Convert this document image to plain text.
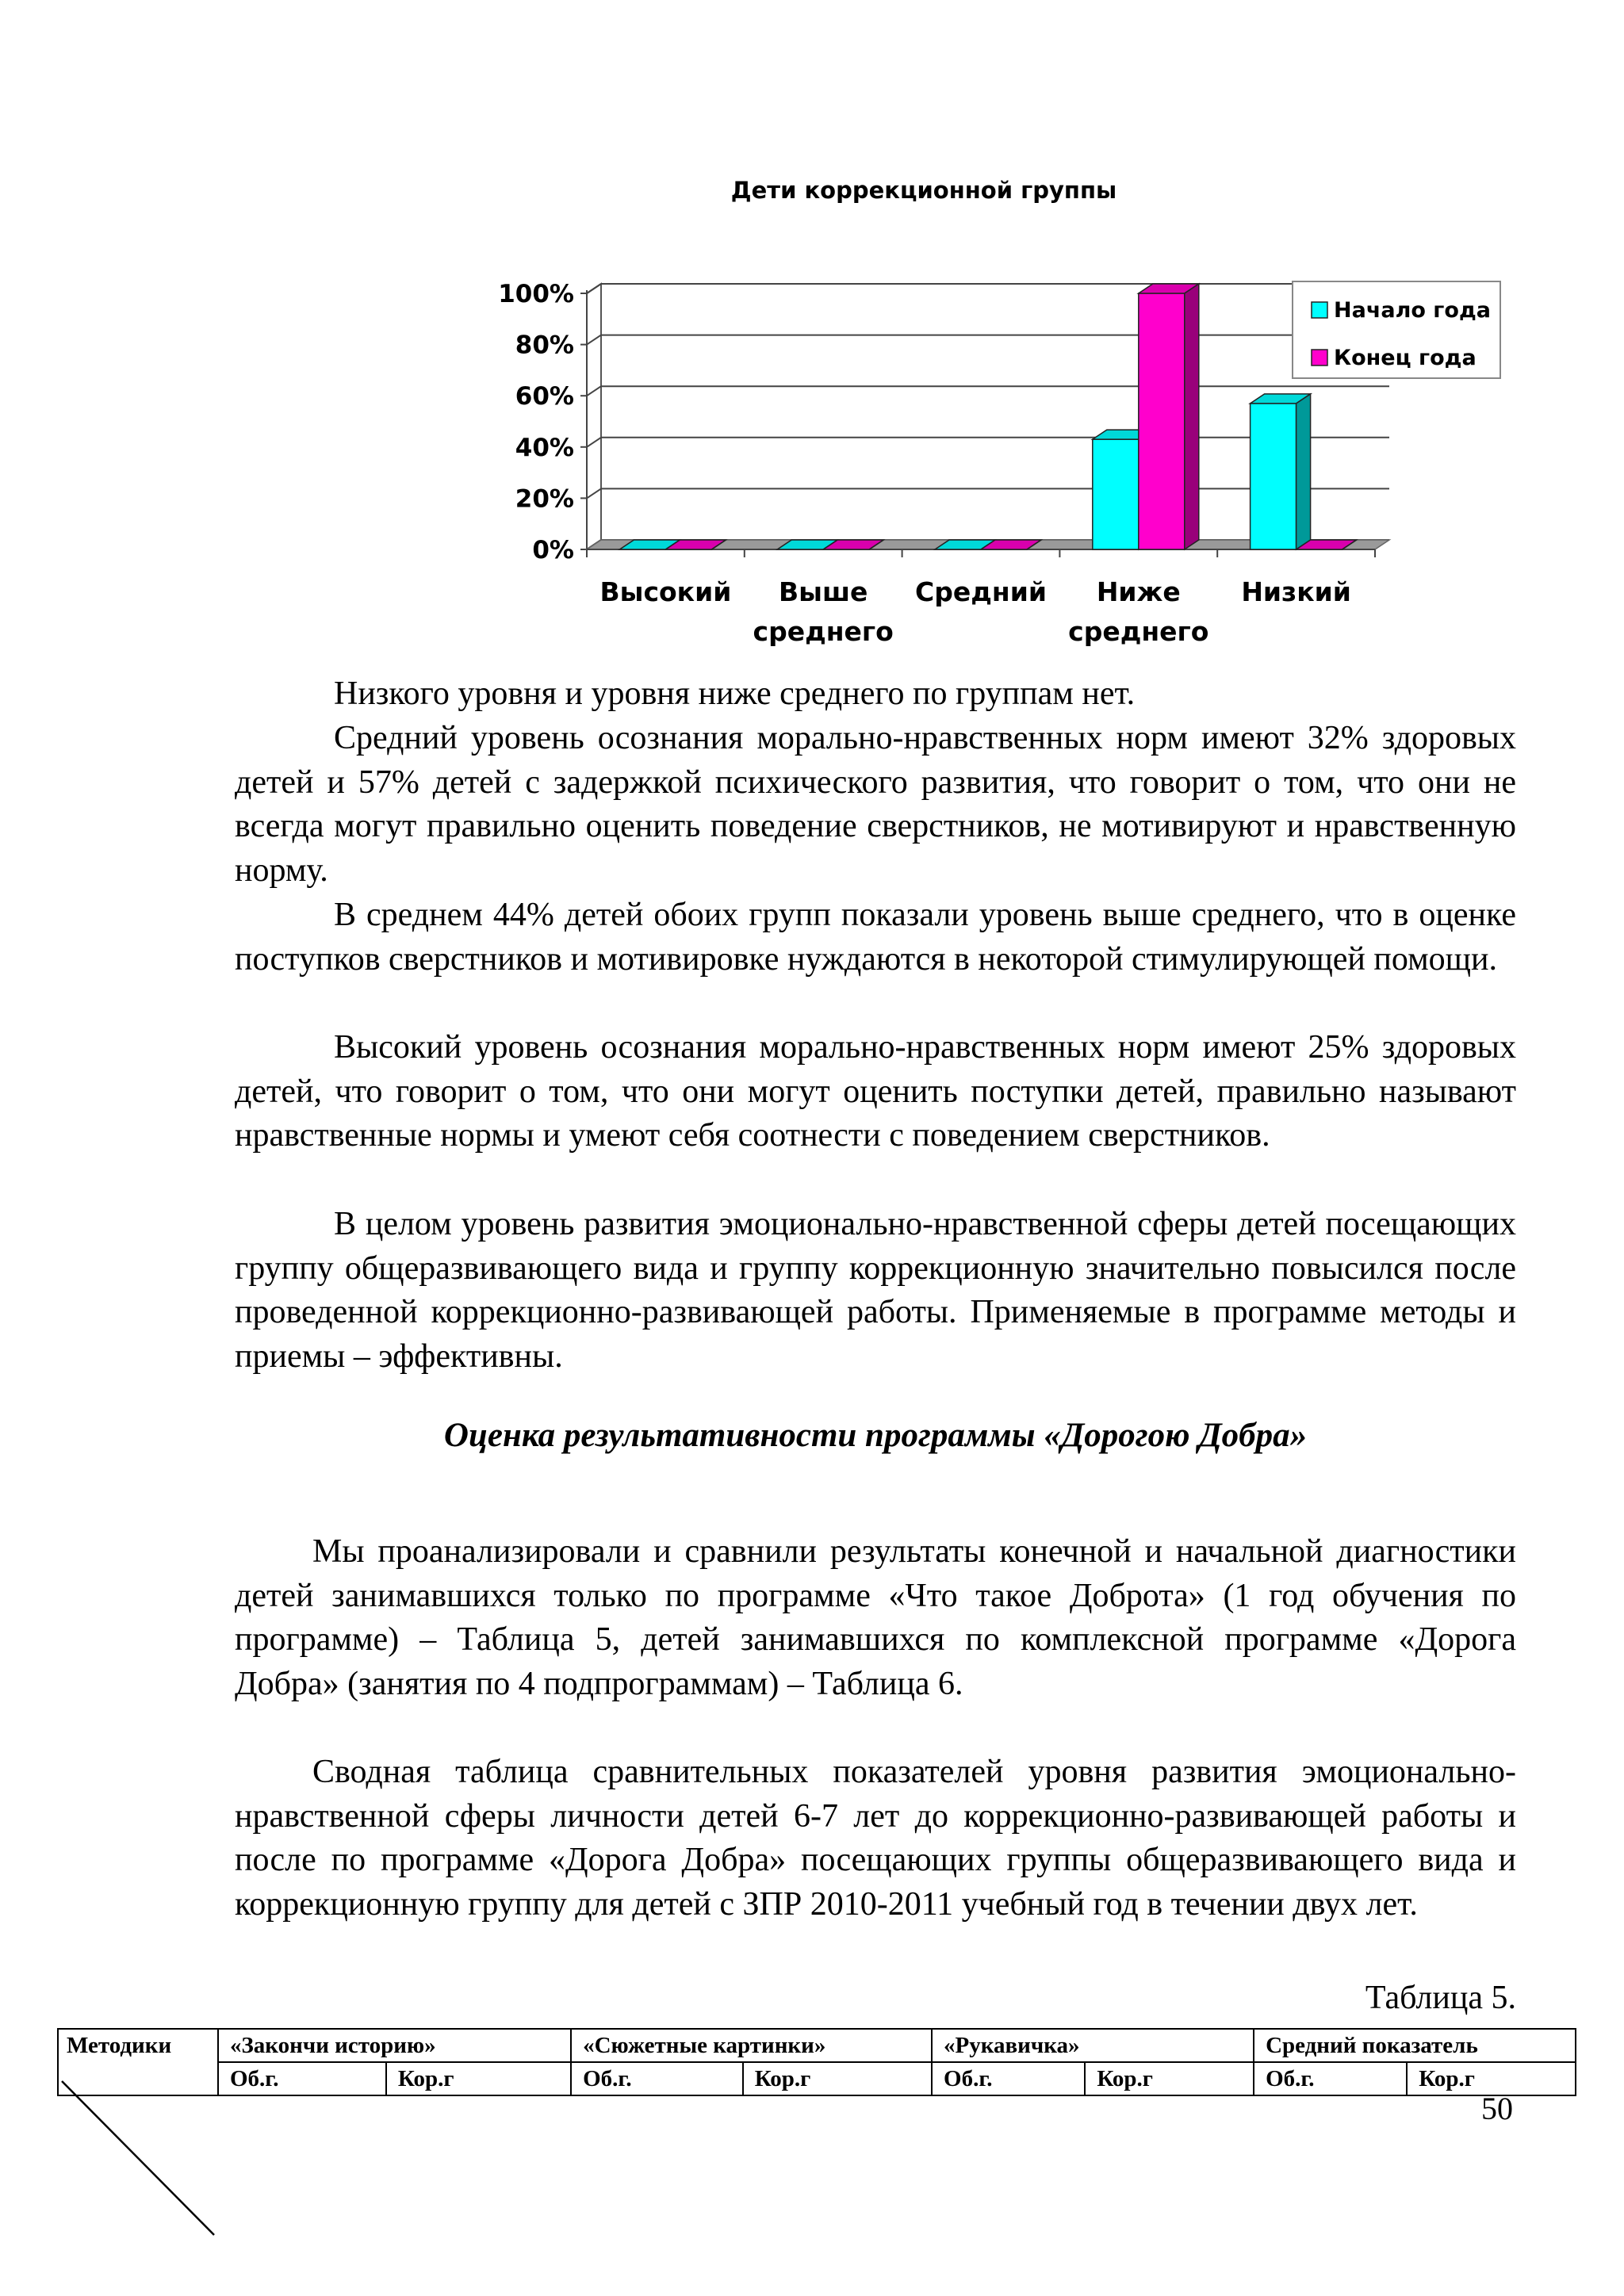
Дети коррекционной группы
0%
20%
40%
60%
80%
100%
Высокий Выше
среднего
Средний Ниже
среднего
Низкий
Начало года
Конец года

Низкого уровня и уровня ниже среднего по группам нет.

Средний уровень осознания морально-нравственных норм имеют 32% здоровых детей и 57% детей с задержкой психического развития, что говорит о том, что они не всегда могут правильно оценить поведение сверстников, не мотивируют и нравственную норму.

В среднем 44% детей обоих групп показали уровень выше среднего, что в оценке поступков сверстников и мотивировке нуждаются в некоторой стимулирующей помощи.

Высокий уровень осознания морально-нравственных норм имеют 25% здоровых детей, что говорит о том, что они могут оценить поступки детей, правильно называют нравственные нормы и умеют себя соотнести с поведением сверстников.

В целом уровень развития эмоционально-нравственной сферы детей посещающих группу общеразвивающего вида и группу коррекционную значительно повысился после проведенной коррекционно-развивающей работы. Применяемые в программе методы и приемы – эффективны.

Оценка результативности программы «Дорогою Добра»

Мы проанализировали и сравнили результаты конечной и начальной диагностики детей занимавшихся только по программе «Что такое Доброта» (1 год обучения по программе) – Таблица 5, детей занимавшихся по комплексной программе «Дорога Добра» (занятия по 4 подпрограммам) – Таблица 6.

Сводная таблица сравнительных показателей уровня развития эмоционально-нравственной сферы личности детей 6-7 лет до коррекционно-развивающей работы и после по программе «Дорога Добра» посещающих группы общеразвивающего вида и коррекционную группу для детей с ЗПР 2010-2011 учебный год в течении двух лет.

Таблица 5.

Методики	«Закончи историю»		«Сюжетные картинки»		«Рукавичка»		Средний показатель	
	Об.г.	Кор.г	Об.г.	Кор.г	Об.г.	Кор.г	Об.г.	Кор.г

50
